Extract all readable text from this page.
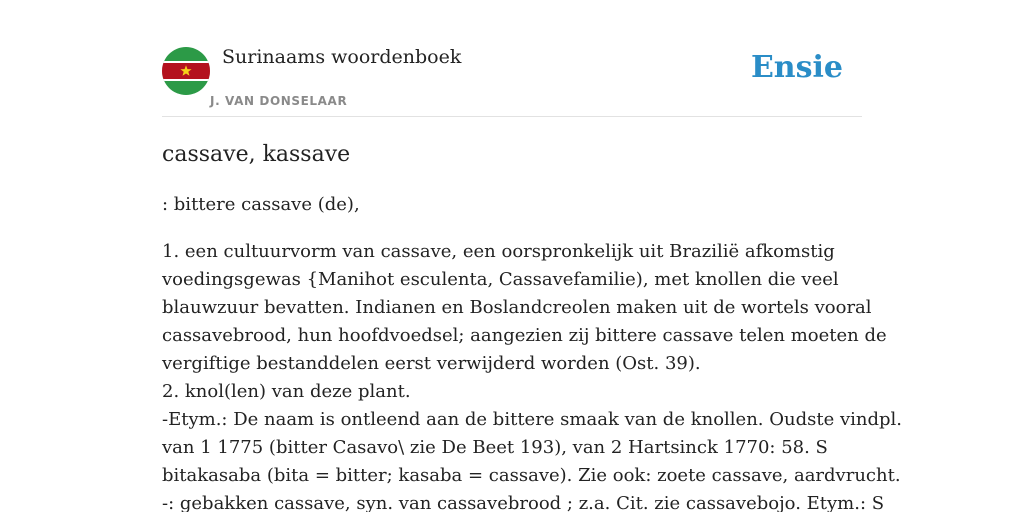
Surinaams woordenboek
J. VAN DONSELAAR
Ensie
cassave, kassave

: bittere cassave (de),

1. een cultuurvorm van cassave, een oorspronkelijk uit Brazilië afkomstig
voedingsgewas {Manihot esculenta, Cassavefamilie), met knollen die veel
blauwzuur bevatten. Indianen en Boslandcreolen maken uit de wortels vooral
cassavebrood, hun hoofdvoedsel; aangezien zij bittere cassave telen moeten de
vergiftige bestanddelen eerst verwijderd worden (Ost. 39).
2. knol(len) van deze plant.
-Etym.: De naam is ontleend aan de bittere smaak van de knollen. Oudste vindpl.
van 1 1775 (bitter Casavo\ zie De Beet 193), van 2 Hartsinck 1770: 58. S
bitakasaba (bita = bitter; kasaba = cassave). Zie ook: zoete cassave, aardvrucht.
-: gebakken cassave, syn. van cassavebrood ; z.a. Cit. zie cassavebojo. Etym.: S
